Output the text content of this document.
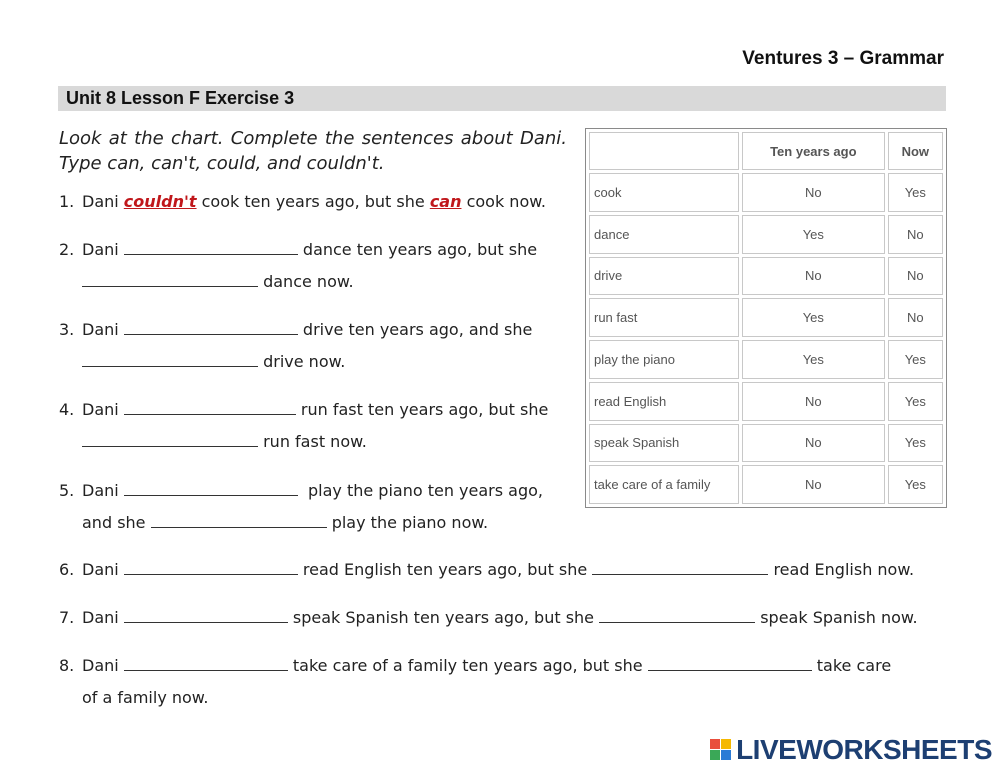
Ventures 3 – Grammar
Unit 8 Lesson F Exercise 3
Look at the chart. Complete the sentences about Dani. Type can, can't, could, and couldn't.
1. Dani couldn't cook ten years ago, but she can cook now.
2. Dani	dance ten years ago, but she
dance now.
3. Dani	drive ten years ago, and she
drive now.
4. Dani	run fast ten years ago, but she
run fast now.
5. Dani	play the piano ten years ago,
and she	play the piano now.
6. Dani	read English ten years ago, but she	read English now.
7. Dani	speak Spanish ten years ago, but she	speak Spanish now.
8. Dani	take care of a family ten years ago, but she	take care
of a family now.
	Ten years ago	Now
cook	No	Yes
dance	Yes	No
drive	No	No
run fast	Yes	No
play the piano	Yes	Yes
read English	No	Yes
speak Spanish	No	Yes
take care of a family	No	Yes
LIVEWORKSHEETS
